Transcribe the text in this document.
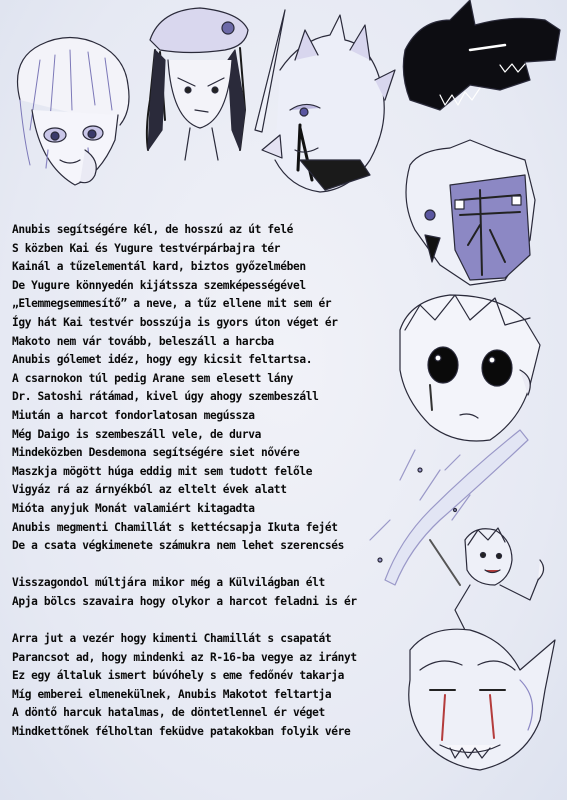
Anubis segítségére kél, de hosszú az út felé
S közben Kai és Yugure testvérpárbajra tér
Kainál a tűzelementál kard, biztos győzelmében
De Yugure könnyedén kijátssza szemképességével
„Elemmegsemmesítő” a neve, a tűz ellene mit sem ér
Így hát Kai testvér bosszúja is gyors úton véget ér
Makoto nem vár tovább, beleszáll a harcba
Anubis gólemet idéz, hogy egy kicsit feltartsa.
A csarnokon túl pedig Arane sem elesett lány
Dr. Satoshi rátámad, kivel úgy ahogy szembeszáll
Miután a harcot fondorlatosan megússza
Még Daigo is szembeszáll vele, de durva
Mindeközben Desdemona segítségére siet nővére
Maszkja mögött húga eddig mit sem tudott felőle
Vigyáz rá az árnyékból az eltelt évek alatt
Mióta anyjuk Monát valamiért kitagadta
Anubis megmenti Chamillát s kettécsapja Ikuta fejét
De a csata végkimenete számukra nem lehet szerencsés
Visszagondol múltjára mikor még a Külvilágban élt
Apja bölcs szavaira hogy olykor a harcot feladni is ér
Arra jut a vezér hogy kimenti Chamillát s csapatát
Parancsot ad, hogy mindenki az R-16-ba vegye az irányt
Ez egy általuk ismert búvóhely s eme fedőnév takarja
Míg emberei elmenekülnek, Anubis Makotot feltartja
A döntő harcuk hatalmas, de döntetlennel ér véget
Mindkettőnek félholtan feküdve patakokban folyik vére
